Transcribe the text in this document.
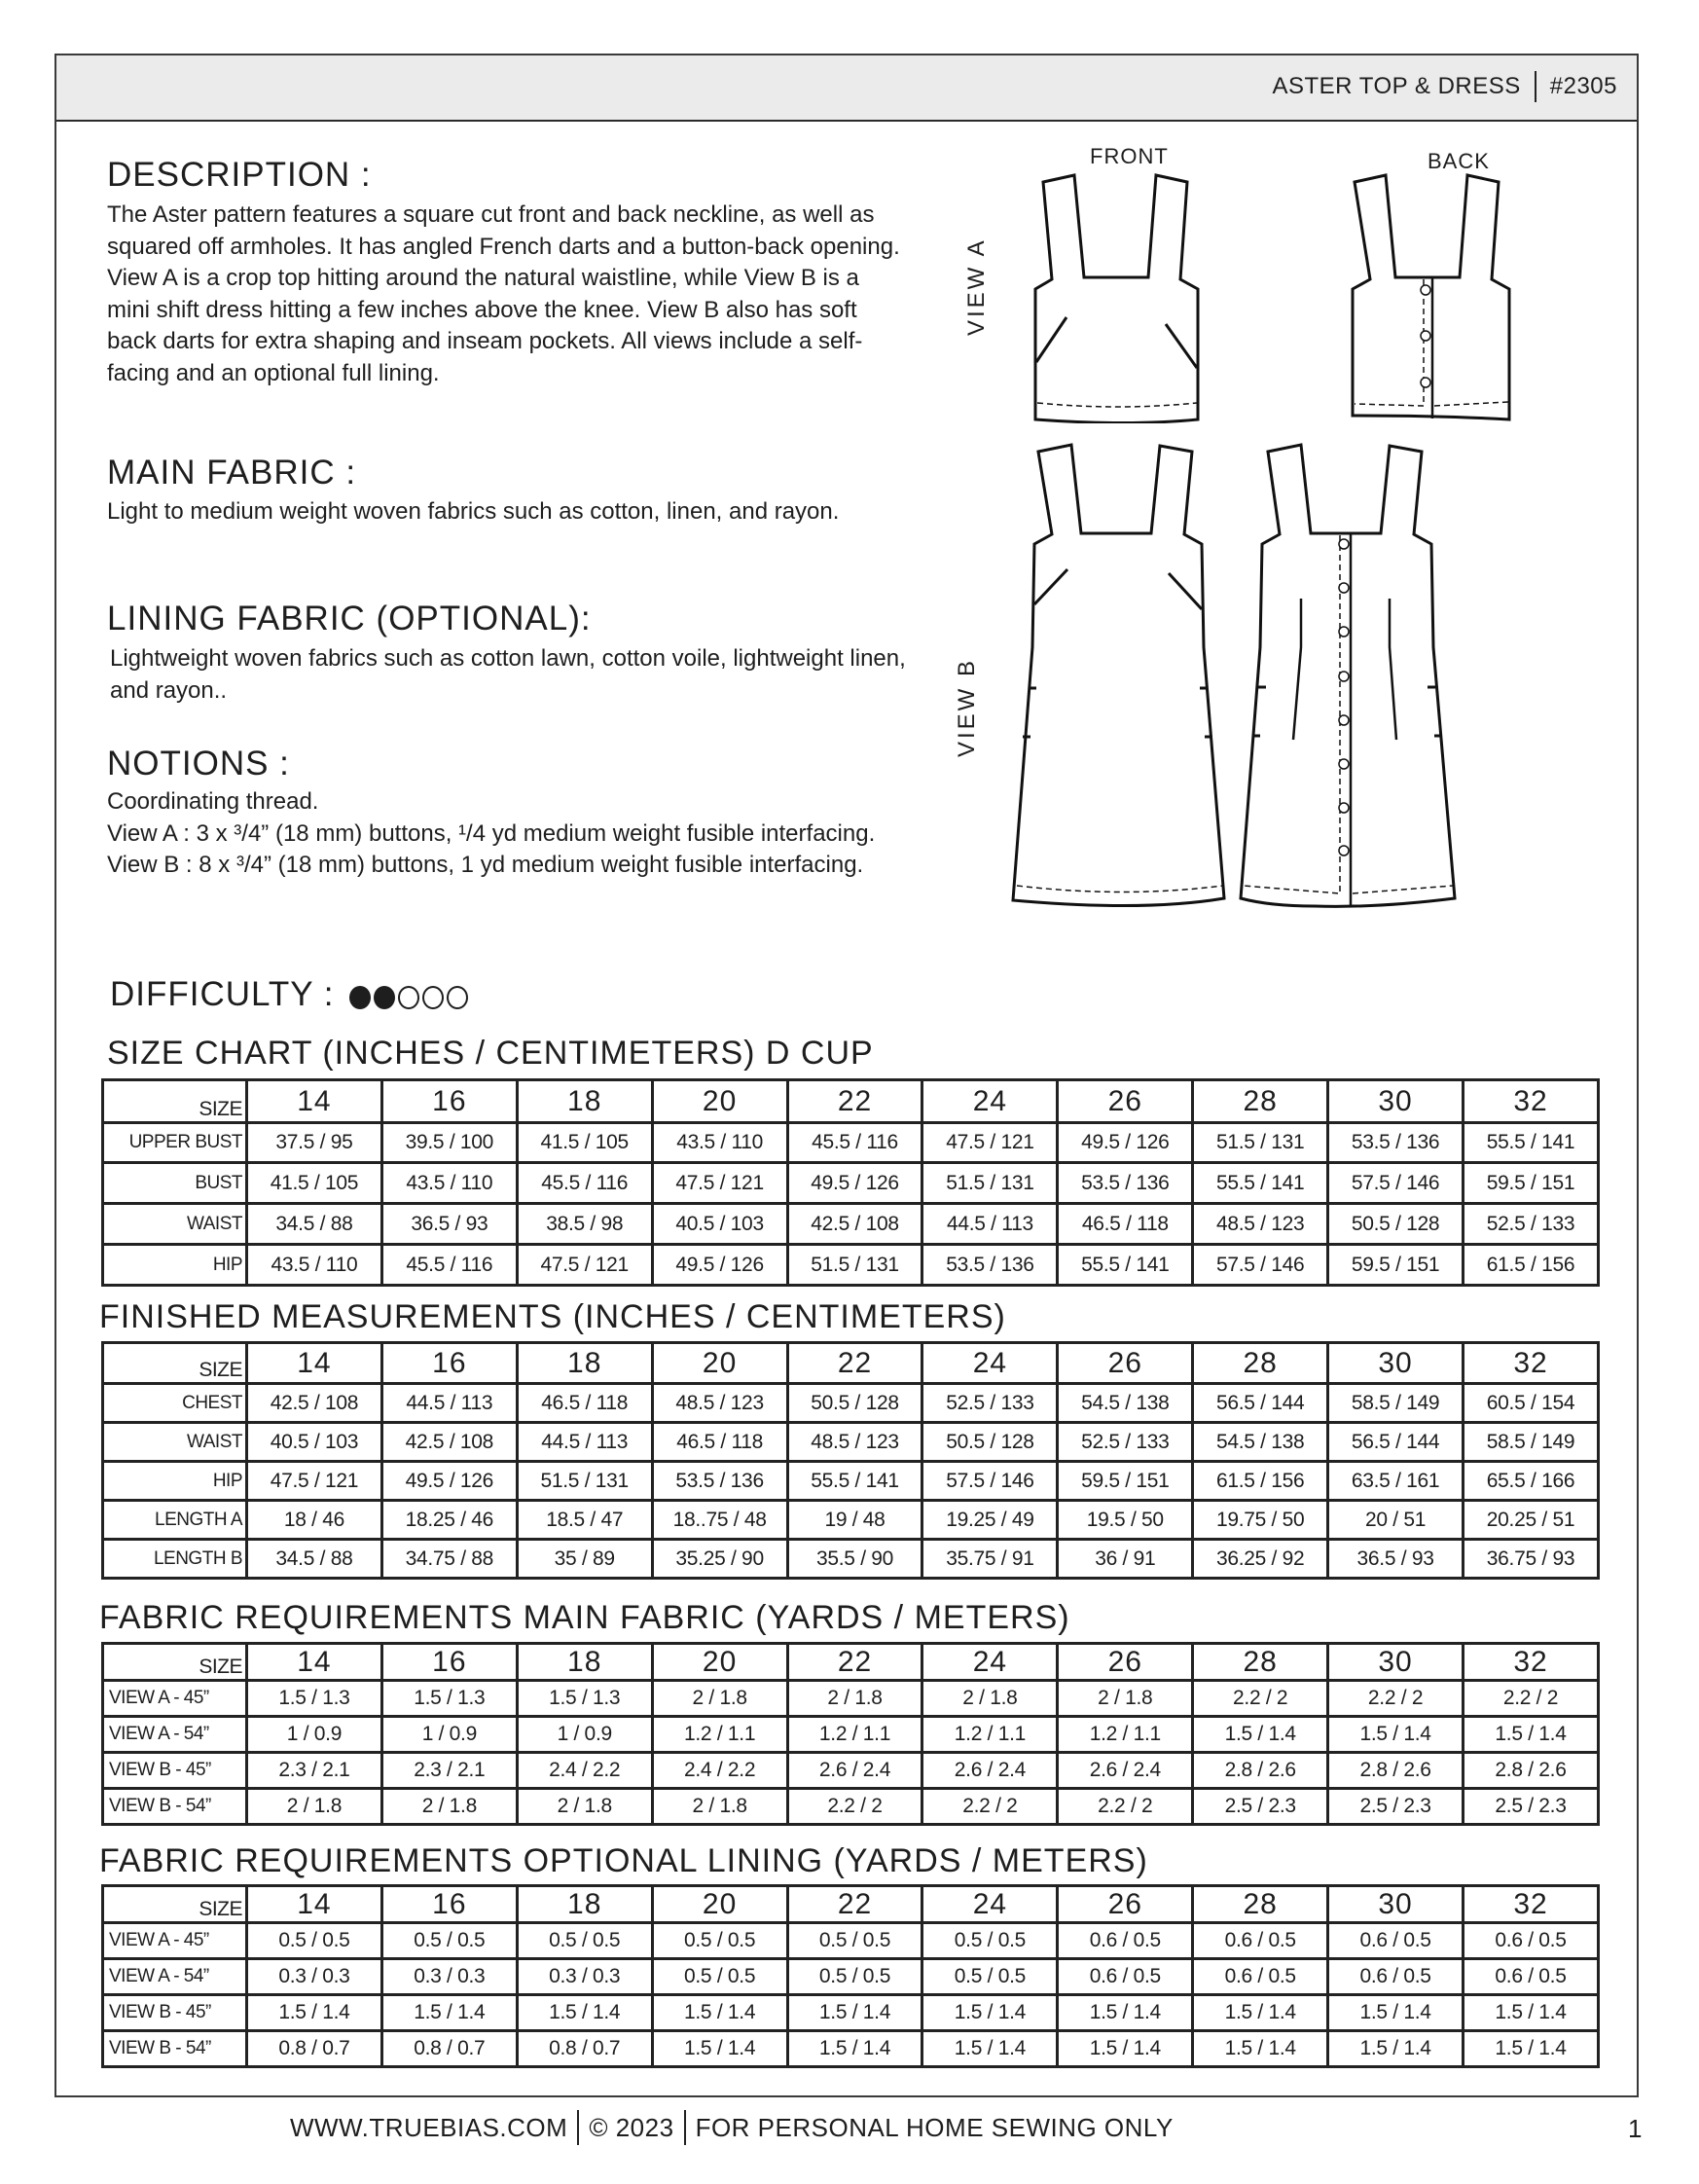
ASTER TOP & DRESS #2305
DESCRIPTION :

The Aster pattern features a square cut front and back neckline, as well as squared off armholes. It has angled French darts and a button-back opening. View A is a crop top hitting around the natural waistline, while View B is a mini shift dress hitting a few inches above the knee. View B also has soft back darts for extra shaping and inseam pockets. All views include a self-facing and an optional full lining.

MAIN FABRIC :

Light to medium weight woven fabrics such as cotton, linen, and rayon.

LINING FABRIC (OPTIONAL):

Lightweight woven fabrics such as cotton lawn, cotton voile, lightweight linen, and rayon..

NOTIONS :
Coordinating thread.
View A : 3 x ³/4” (18 mm) buttons, ¹/4 yd medium weight fusible interfacing.
View B : 8 x ³/4” (18 mm) buttons, 1 yd medium weight fusible interfacing.
DIFFICULTY :
FRONT	BACK
VIEW A
VIEW B
SIZE CHART (INCHES / CENTIMETERS) D CUP
SIZE	14	16	18	20	22	24	26	28	30	32
UPPER BUST	37.5 / 95	39.5 / 100	41.5 / 105	43.5 / 110	45.5 / 116	47.5 / 121	49.5 / 126	51.5 / 131	53.5 / 136	55.5 / 141
BUST	41.5 / 105	43.5 / 110	45.5 / 116	47.5 / 121	49.5 / 126	51.5 / 131	53.5 / 136	55.5 / 141	57.5 / 146	59.5 / 151
WAIST	34.5 / 88	36.5 / 93	38.5 / 98	40.5 / 103	42.5 / 108	44.5 / 113	46.5 / 118	48.5 / 123	50.5 / 128	52.5 / 133
HIP	43.5 / 110	45.5 / 116	47.5 / 121	49.5 / 126	51.5 / 131	53.5 / 136	55.5 / 141	57.5 / 146	59.5 / 151	61.5 / 156
FINISHED MEASUREMENTS (INCHES / CENTIMETERS)
SIZE	14	16	18	20	22	24	26	28	30	32
CHEST	42.5 / 108	44.5 / 113	46.5 / 118	48.5 / 123	50.5 / 128	52.5 / 133	54.5 / 138	56.5 / 144	58.5 / 149	60.5 / 154
WAIST	40.5 / 103	42.5 / 108	44.5 / 113	46.5 / 118	48.5 / 123	50.5 / 128	52.5 / 133	54.5 / 138	56.5 / 144	58.5 / 149
HIP	47.5 / 121	49.5 / 126	51.5 / 131	53.5 / 136	55.5 / 141	57.5 / 146	59.5 / 151	61.5 / 156	63.5 / 161	65.5 / 166
LENGTH A	18 / 46	18.25 / 46	18.5 / 47	18..75 / 48	19 / 48	19.25 / 49	19.5 / 50	19.75 / 50	20 / 51	20.25 / 51
LENGTH B	34.5 / 88	34.75 / 88	35 / 89	35.25 / 90	35.5 / 90	35.75 / 91	36 / 91	36.25 / 92	36.5 / 93	36.75 / 93
FABRIC REQUIREMENTS MAIN FABRIC (YARDS / METERS)
SIZE	14	16	18	20	22	24	26	28	30	32
VIEW A - 45”	1.5 / 1.3	1.5 / 1.3	1.5 / 1.3	2 / 1.8	2 / 1.8	2 / 1.8	2 / 1.8	2.2 / 2	2.2 / 2	2.2 / 2
VIEW A - 54”	1 / 0.9	1 / 0.9	1 / 0.9	1.2 / 1.1	1.2 / 1.1	1.2 / 1.1	1.2 / 1.1	1.5 / 1.4	1.5 / 1.4	1.5 / 1.4
VIEW B - 45”	2.3 / 2.1	2.3 / 2.1	2.4 / 2.2	2.4 / 2.2	2.6 / 2.4	2.6 / 2.4	2.6 / 2.4	2.8 / 2.6	2.8 / 2.6	2.8 / 2.6
VIEW B - 54”	2 / 1.8	2 / 1.8	2 / 1.8	2 / 1.8	2.2 / 2	2.2 / 2	2.2 / 2	2.5 / 2.3	2.5 / 2.3	2.5 / 2.3
FABRIC REQUIREMENTS OPTIONAL LINING (YARDS / METERS)
SIZE	14	16	18	20	22	24	26	28	30	32
VIEW A - 45”	0.5 / 0.5	0.5 / 0.5	0.5 / 0.5	0.5 / 0.5	0.5 / 0.5	0.5 / 0.5	0.6 / 0.5	0.6 / 0.5	0.6 / 0.5	0.6 / 0.5
VIEW A - 54”	0.3 / 0.3	0.3 / 0.3	0.3 / 0.3	0.5 / 0.5	0.5 / 0.5	0.5 / 0.5	0.6 / 0.5	0.6 / 0.5	0.6 / 0.5	0.6 / 0.5
VIEW B - 45”	1.5 / 1.4	1.5 / 1.4	1.5 / 1.4	1.5 / 1.4	1.5 / 1.4	1.5 / 1.4	1.5 / 1.4	1.5 / 1.4	1.5 / 1.4	1.5 / 1.4
VIEW B - 54”	0.8 / 0.7	0.8 / 0.7	0.8 / 0.7	1.5 / 1.4	1.5 / 1.4	1.5 / 1.4	1.5 / 1.4	1.5 / 1.4	1.5 / 1.4	1.5 / 1.4
WWW.TRUEBIAS.COM © 2023 FOR PERSONAL HOME SEWING ONLY	1
